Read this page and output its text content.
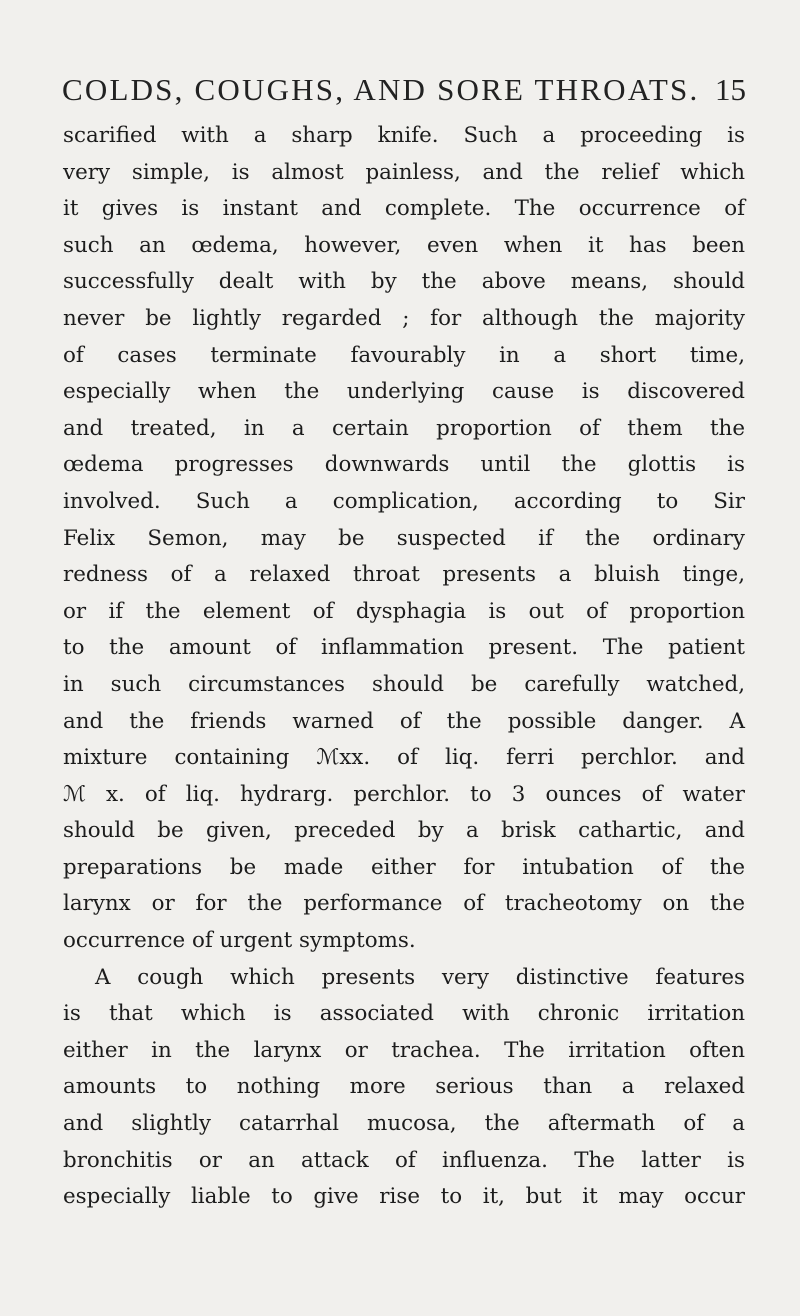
COLDS, COUGHS, AND SORE THROATS. 15
scarified with a sharp knife. Such a proceeding is
very simple, is almost painless, and the relief which
it gives is instant and complete. The occurrence of
such an œdema, however, even when it has been
successfully dealt with by the above means, should
never be lightly regarded ; for although the majority
of cases terminate favourably in a short time,
especially when the underlying cause is discovered
and treated, in a certain proportion of them the
œdema progresses downwards until the glottis is
involved. Such a complication, according to Sir
Felix Semon, may be suspected if the ordinary
redness of a relaxed throat presents a bluish tinge,
or if the element of dysphagia is out of proportion
to the amount of inflammation present. The patient
in such circumstances should be carefully watched,
and the friends warned of the possible danger. A
mixture containing ℳxx. of liq. ferri perchlor. and
ℳ x. of liq. hydrarg. perchlor. to 3 ounces of water
should be given, preceded by a brisk cathartic, and
preparations be made either for intubation of the
larynx or for the performance of tracheotomy on the
occurrence of urgent symptoms.
A cough which presents very distinctive features
is that which is associated with chronic irritation
either in the larynx or trachea. The irritation often
amounts to nothing more serious than a relaxed
and slightly catarrhal mucosa, the aftermath of a
bronchitis or an attack of influenza. The latter is
especially liable to give rise to it, but it may occur
